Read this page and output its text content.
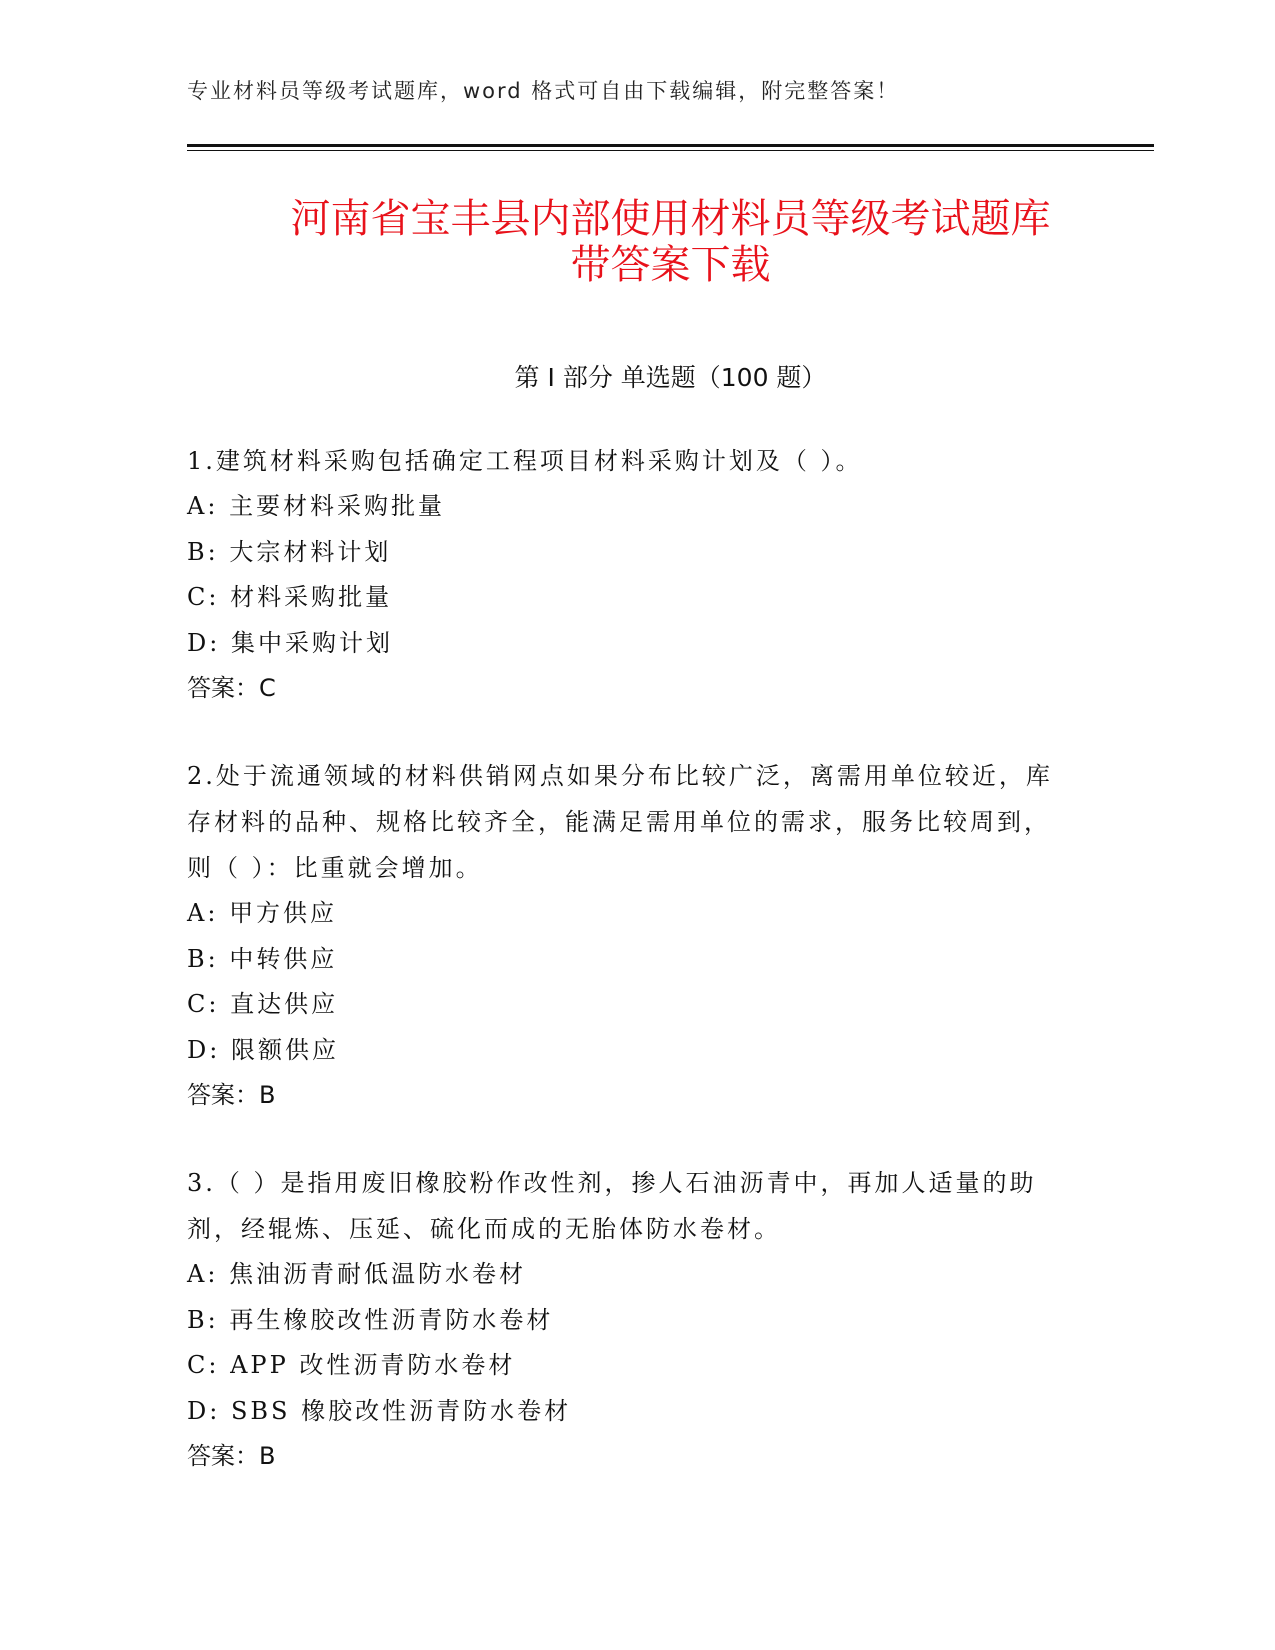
专业材料员等级考试题库，word 格式可自由下载编辑，附完整答案！
河南省宝丰县内部使用材料员等级考试题库
带答案下载
第 I 部分 单选题（100 题）

1.建筑材料采购包括确定工程项目材料采购计划及（ ）。

A: 主要材料采购批量

B: 大宗材料计划

C: 材料采购批量

D: 集中采购计划

答案：C

2.处于流通领域的材料供销网点如果分布比较广泛，离需用单位较近，库存材料的品种、规格比较齐全，能满足需用单位的需求，服务比较周到，则（ ）：比重就会增加。

A: 甲方供应

B: 中转供应

C: 直达供应

D: 限额供应

答案：B

3.（ ）是指用废旧橡胶粉作改性剂，掺人石油沥青中，再加人适量的助剂，经辊炼、压延、硫化而成的无胎体防水卷材。

A: 焦油沥青耐低温防水卷材

B: 再生橡胶改性沥青防水卷材

C: APP 改性沥青防水卷材

D: SBS 橡胶改性沥青防水卷材

答案：B
